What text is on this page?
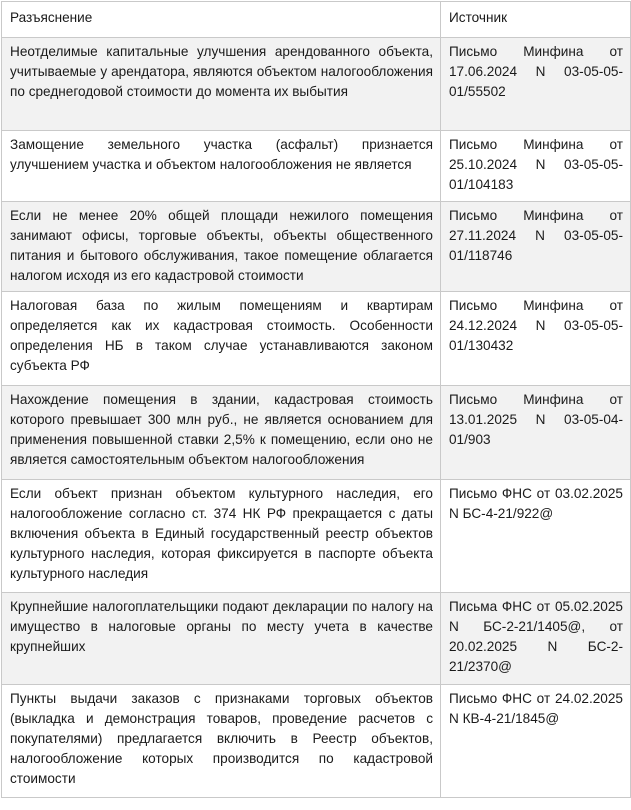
Разъяснение	Источник
Неотделимые капитальные улучшения арендованного объекта, учитываемые у арендатора, являются объектом налогообложения по среднегодовой стоимости до момента их выбытия	Письмо Минфина от 17.06.2024 N 03-05-05-01/55502
Замощение земельного участка (асфальт) признается улучшением участка и объектом налогообложения не является	Письмо Минфина от 25.10.2024 N 03-05-05-01/104183
Если не менее 20% общей площади нежилого помещения занимают офисы, торговые объекты, объекты общественного питания и бытового обслуживания, такое помещение облагается налогом исходя из его кадастровой стоимости	Письмо Минфина от 27.11.2024 N 03-05-05-01/118746
Налоговая база по жилым помещениям и квартирам определяется как их кадастровая стоимость. Особенности определения НБ в таком случае устанавливаются законом субъекта РФ	Письмо Минфина от 24.12.2024 N 03-05-05-01/130432
Нахождение помещения в здании, кадастровая стоимость которого превышает 300 млн руб., не является основанием для применения повышенной ставки 2,5% к помещению, если оно не является самостоятельным объектом налогообложения	Письмо Минфина от 13.01.2025 N 03-05-04-01/903
Если объект признан объектом культурного наследия, его налогообложение согласно ст. 374 НК РФ прекращается с даты включения объекта в Единый государственный реестр объектов культурного наследия, которая фиксируется в паспорте объекта культурного наследия	Письмо ФНС от 03.02.2025 N БС-4-21/922@
Крупнейшие налогоплательщики подают декларации по налогу на имущество в налоговые органы по месту учета в качестве крупнейших	Письма ФНС от 05.02.2025 N БС-2-21/1405@, от 20.02.2025 N БС-2-21/2370@
Пункты выдачи заказов с признаками торговых объектов (выкладка и демонстрация товаров, проведение расчетов с покупателями) предлагается включить в Реестр объектов, налогообложение которых производится по кадастровой стоимости	Письмо ФНС от 24.02.2025 N КВ-4-21/1845@
